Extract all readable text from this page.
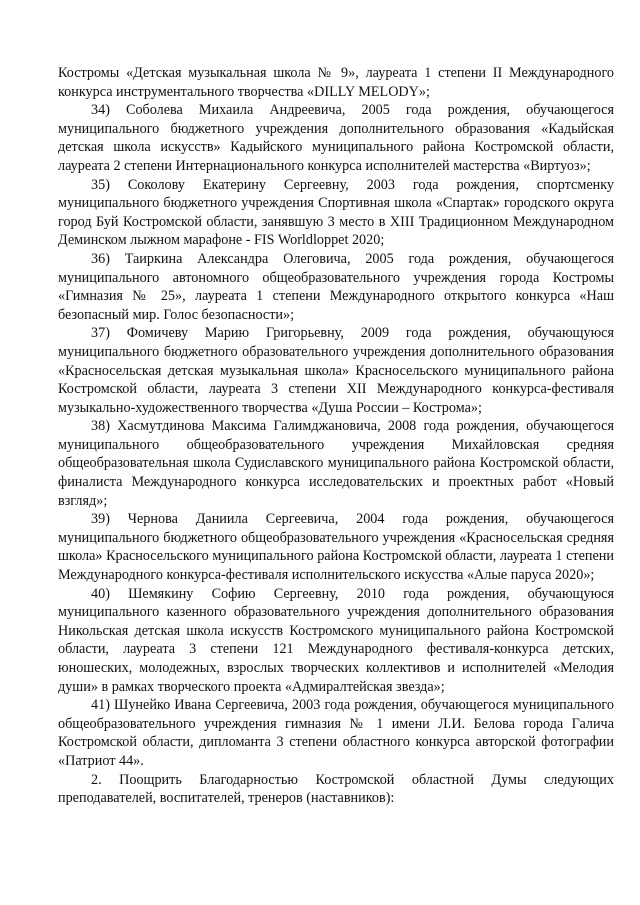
Костромы «Детская музыкальная школа № 9», лауреата 1 степени II Международного конкурса инструментального творчества «DILLY MELODY»;

34) Соболева Михаила Андреевича, 2005 года рождения, обучающегося муниципального бюджетного учреждения дополнительного образования «Кадыйская детская школа искусств» Кадыйского муниципального района Костромской области, лауреата 2 степени Интернационального конкурса исполнителей мастерства «Виртуоз»;

35) Соколову Екатерину Сергеевну, 2003 года рождения, спортсменку муниципального бюджетного учреждения Спортивная школа «Спартак» городского округа город Буй Костромской области, занявшую 3 место в XIII Традиционном Международном Деминском лыжном марафоне - FIS Worldloppet 2020;

36) Таиркина Александра Олеговича, 2005 года рождения, обучающегося муниципального автономного общеобразовательного учреждения города Костромы «Гимназия № 25», лауреата 1 степени Международного открытого конкурса «Наш безопасный мир. Голос безопасности»;

37) Фомичеву Марию Григорьевну, 2009 года рождения, обучающуюся муниципального бюджетного образовательного учреждения дополнительного образования «Красносельская детская музыкальная школа» Красносельского муниципального района Костромской области, лауреата 3 степени XII Международного конкурса-фестиваля музыкально-художественного творчества «Душа России – Кострома»;

38) Хасмутдинова Максима Галимджановича, 2008 года рождения, обучающегося муниципального общеобразовательного учреждения Михайловская средняя общеобразовательная школа Судиславского муниципального района Костромской области, финалиста Международного конкурса исследовательских и проектных работ «Новый взгляд»;

39) Чернова Даниила Сергеевича, 2004 года рождения, обучающегося муниципального бюджетного общеобразовательного учреждения «Красносельская средняя школа» Красносельского муниципального района Костромской области, лауреата 1 степени Международного конкурса-фестиваля исполнительского искусства «Алые паруса 2020»;

40) Шемякину Софию Сергеевну, 2010 года рождения, обучающуюся муниципального казенного образовательного учреждения дополнительного образования Никольская детская школа искусств Костромского муниципального района Костромской области, лауреата 3 степени 121 Международного фестиваля-конкурса детских, юношеских, молодежных, взрослых творческих коллективов и исполнителей «Мелодия души» в рамках творческого проекта «Адмиралтейская звезда»;

41) Шунейко Ивана Сергеевича, 2003 года рождения, обучающегося муниципального общеобразовательного учреждения гимназия № 1 имени Л.И. Белова города Галича Костромской области, дипломанта 3 степени областного конкурса авторской фотографии «Патриот 44».

2. Поощрить Благодарностью Костромской областной Думы следующих преподавателей, воспитателей, тренеров (наставников):
